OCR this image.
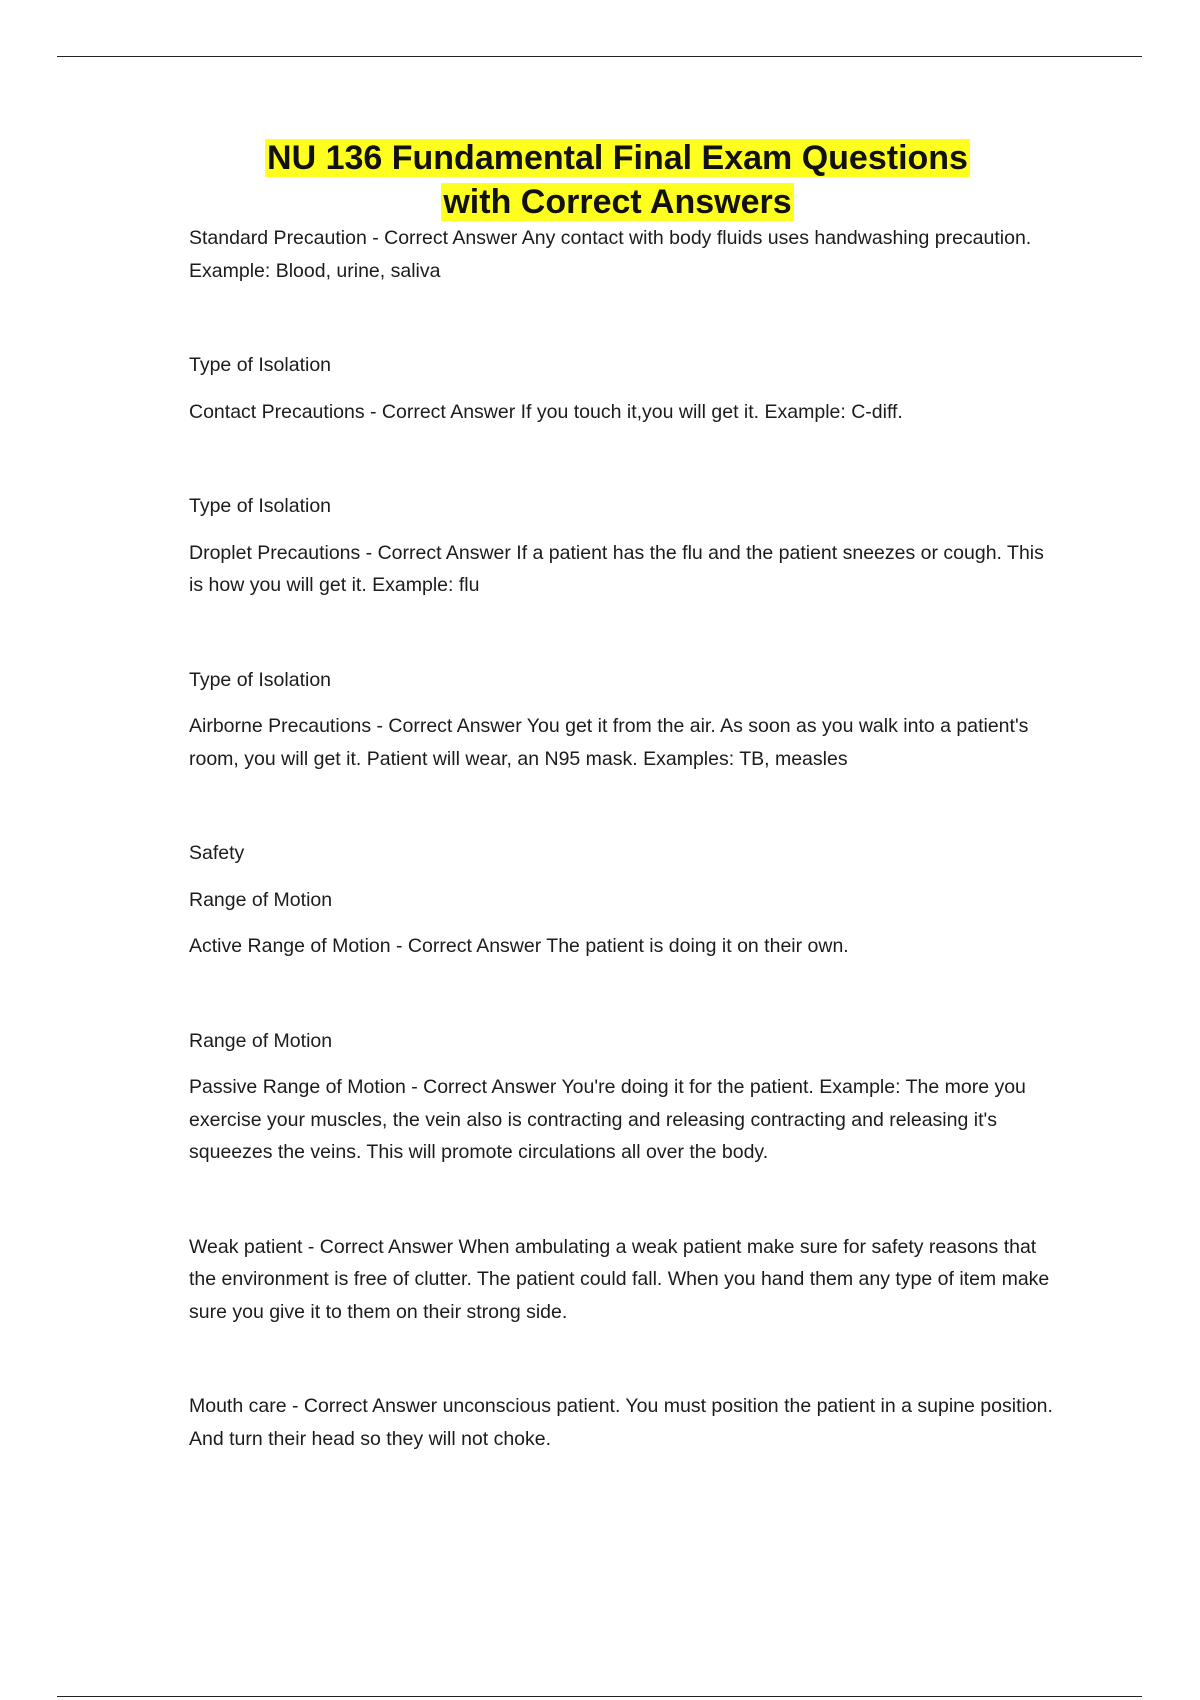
NU 136 Fundamental Final Exam Questions
with Correct Answers

Standard Precaution - Correct Answer Any contact with body fluids uses handwashing precaution. Example: Blood, urine, saliva

Type of Isolation

Contact Precautions - Correct Answer If you touch it,you will get it. Example: C-diff.

Type of Isolation

Droplet Precautions - Correct Answer If a patient has the flu and the patient sneezes or cough. This is how you will get it. Example: flu

Type of Isolation

Airborne Precautions - Correct Answer You get it from the air. As soon as you walk into a patient's room, you will get it. Patient will wear, an N95 mask. Examples: TB, measles

Safety

Range of Motion

Active Range of Motion - Correct Answer The patient is doing it on their own.

Range of Motion

Passive Range of Motion - Correct Answer You're doing it for the patient. Example: The more you exercise your muscles, the vein also is contracting and releasing contracting and releasing it's squeezes the veins. This will promote circulations all over the body.

Weak patient - Correct Answer When ambulating a weak patient make sure for safety reasons that the environment is free of clutter. The patient could fall. When you hand them any type of item make sure you give it to them on their strong side.

Mouth care - Correct Answer unconscious patient. You must position the patient in a supine position. And turn their head so they will not choke.
